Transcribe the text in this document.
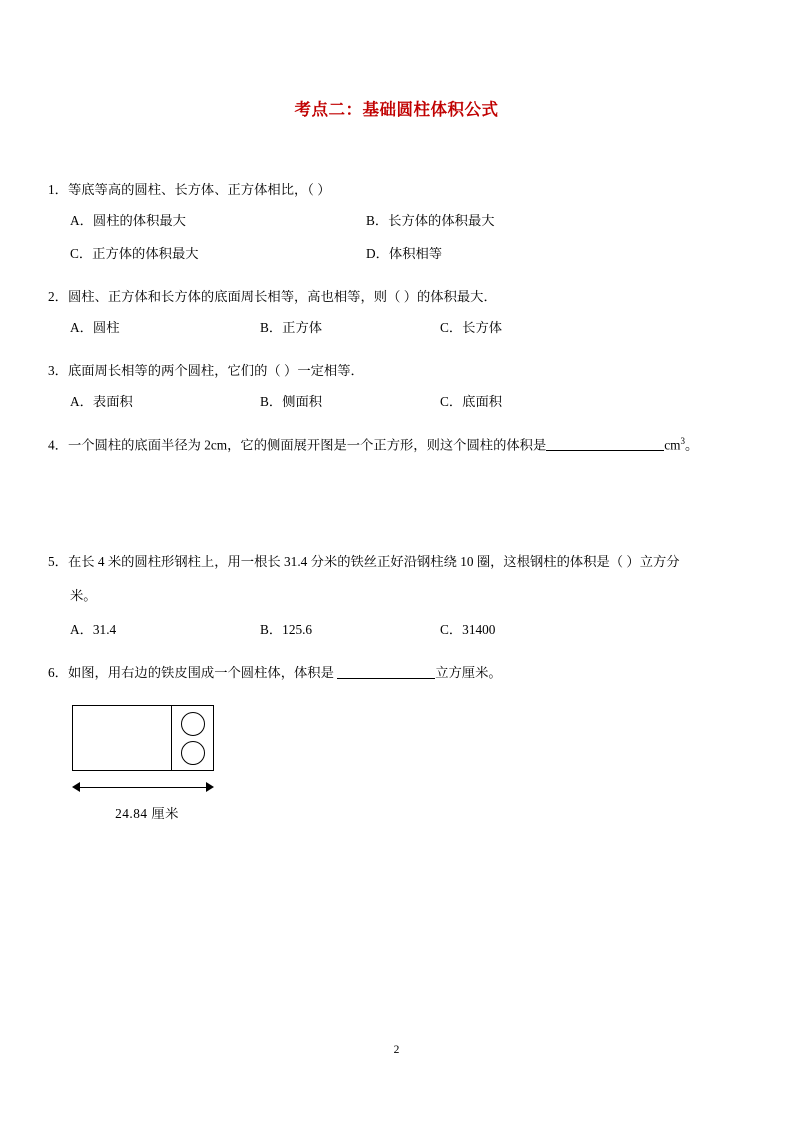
考点二：基础圆柱体积公式
1．等底等高的圆柱、长方体、正方体相比，（ ）
A．圆柱的体积最大	B．长方体的体积最大
C．正方体的体积最大	D．体积相等
2．圆柱、正方体和长方体的底面周长相等，高也相等，则（ ）的体积最大．
A．圆柱	B．正方体	C．长方体
3．底面周长相等的两个圆柱，它们的（ ）一定相等．
A．表面积	B．侧面积	C．底面积
4．一个圆柱的底面半径为 2cm，它的侧面展开图是一个正方形，则这个圆柱的体积是	$cm^3$。
5．在长 4 米的圆柱形钢柱上，用一根长 31.4 分米的铁丝正好沿钢柱绕 10 圈，这根钢柱的体积是（ ）立方分
米。
A．31.4	B．125.6	C．31400
6．如图，用右边的铁皮围成一个圆柱体，体积是	立方厘米。
24.84 厘米
2
